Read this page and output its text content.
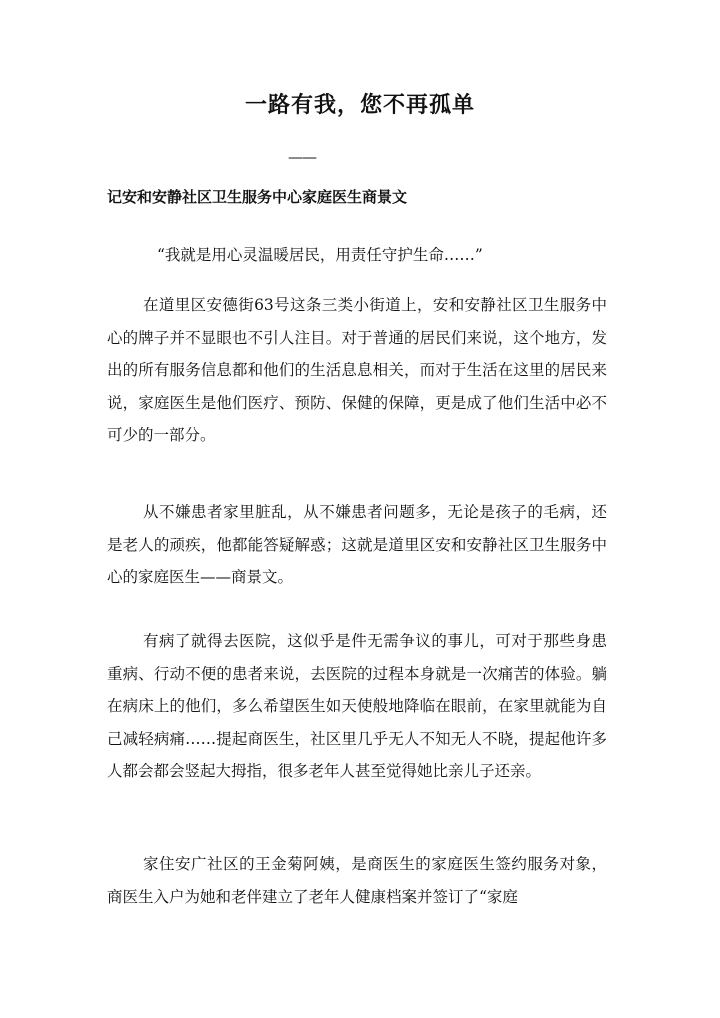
一路有我，您不再孤单
——
记安和安静社区卫生服务中心家庭医生商景文
“我就是用心灵温暖居民，用责任守护生命……”

在道里区安德街63号这条三类小街道上，安和安静社区卫生服务中心的牌子并不显眼也不引人注目。对于普通的居民们来说，这个地方，发出的所有服务信息都和他们的生活息息相关，而对于生活在这里的居民来说，家庭医生是他们医疗、预防、保健的保障，更是成了他们生活中必不可少的一部分。

从不嫌患者家里脏乱，从不嫌患者问题多，无论是孩子的毛病，还是老人的顽疾，他都能答疑解惑；这就是道里区安和安静社区卫生服务中心的家庭医生——商景文。

有病了就得去医院，这似乎是件无需争议的事儿，可对于那些身患重病、行动不便的患者来说，去医院的过程本身就是一次痛苦的体验。躺在病床上的他们，多么希望医生如天使般地降临在眼前，在家里就能为自己减轻病痛……提起商医生，社区里几乎无人不知无人不晓，提起他许多人都会都会竖起大拇指，很多老年人甚至觉得她比亲儿子还亲。

家住安广社区的王金菊阿姨，是商医生的家庭医生签约服务对象，商医生入户为她和老伴建立了老年人健康档案并签订了“家庭
